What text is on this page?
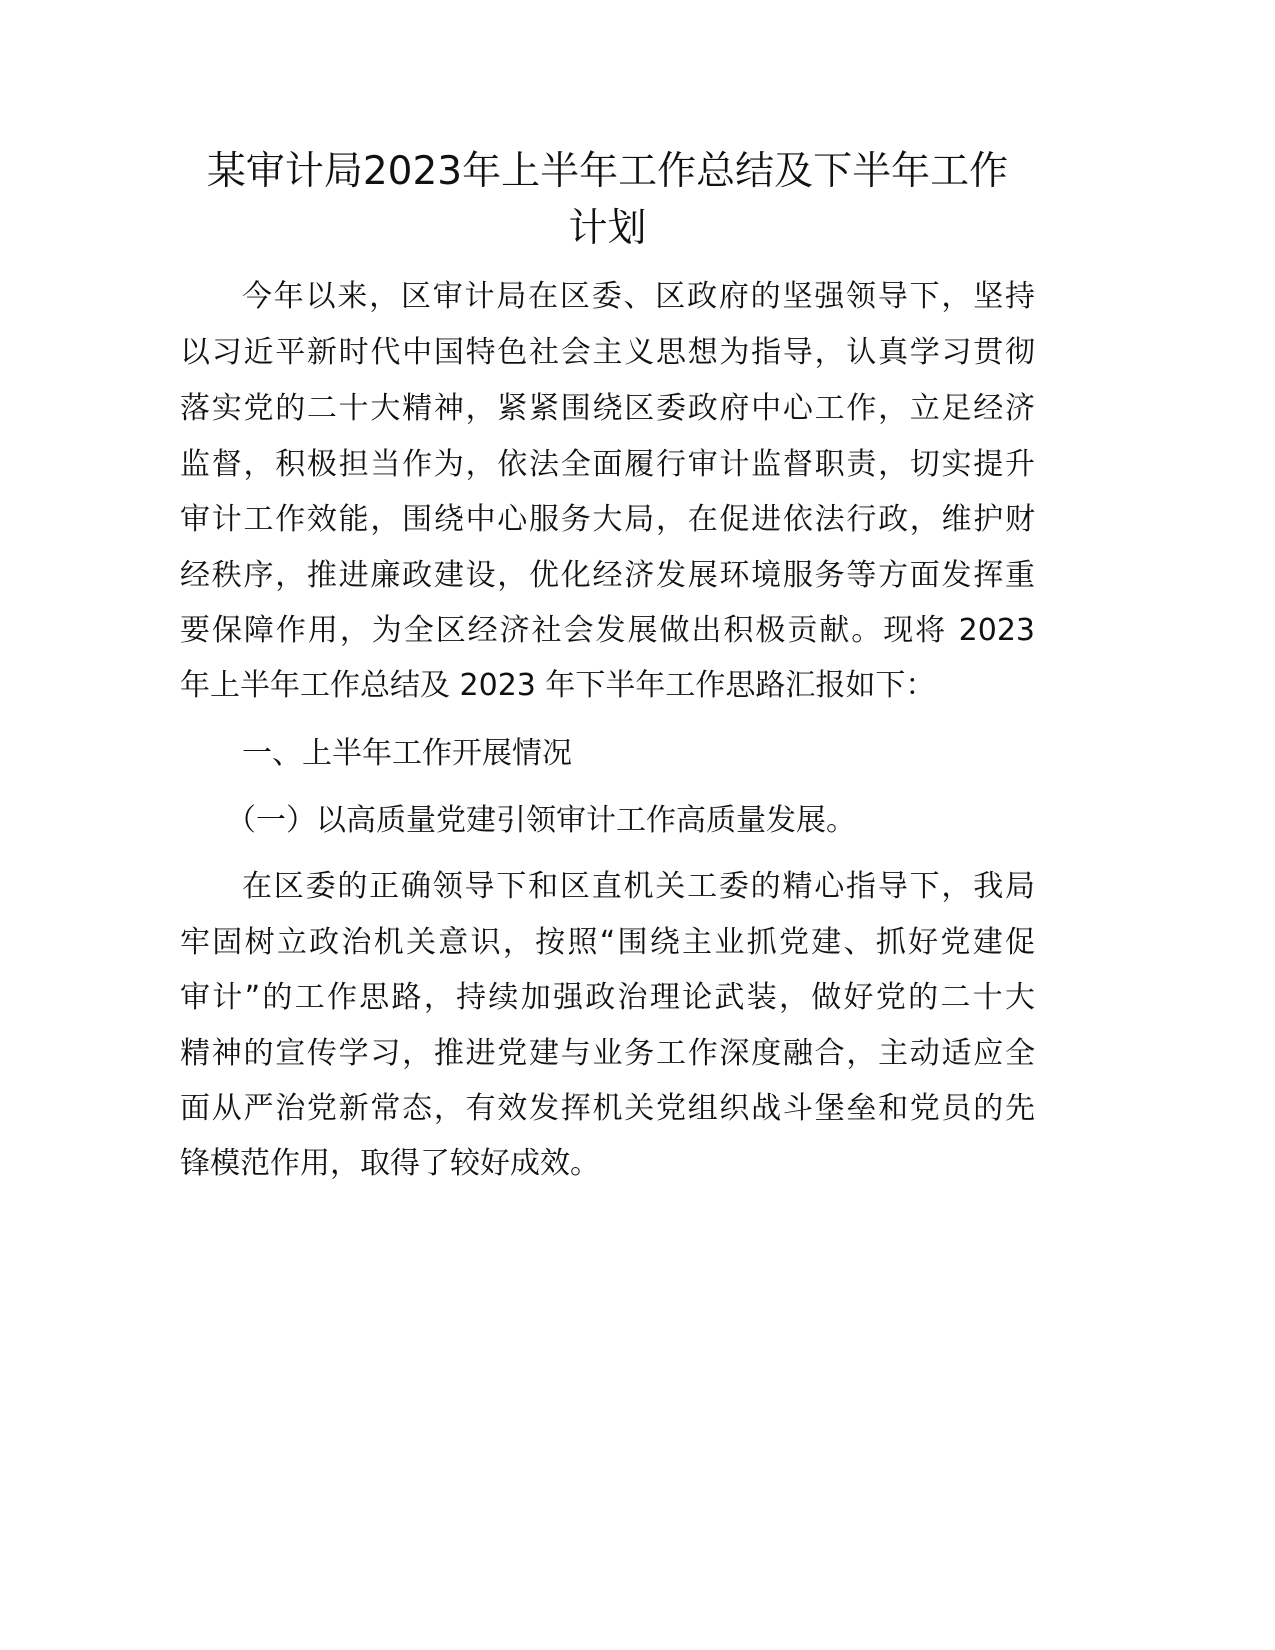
某审计局2023年上半年工作总结及下半年工作
计划
今年以来，区审计局在区委、区政府的坚强领导下，坚持
以习近平新时代中国特色社会主义思想为指导，认真学习贯彻
落实党的二十大精神，紧紧围绕区委政府中心工作，立足经济
监督，积极担当作为，依法全面履行审计监督职责，切实提升
审计工作效能，围绕中心服务大局，在促进依法行政，维护财
经秩序，推进廉政建设，优化经济发展环境服务等方面发挥重
要保障作用，为全区经济社会发展做出积极贡献。现将 2023
年上半年工作总结及 2023 年下半年工作思路汇报如下：
一、上半年工作开展情况
（一）以高质量党建引领审计工作高质量发展。
在区委的正确领导下和区直机关工委的精心指导下，我局
牢固树立政治机关意识，按照“围绕主业抓党建、抓好党建促
审计”的工作思路，持续加强政治理论武装，做好党的二十大
精神的宣传学习，推进党建与业务工作深度融合，主动适应全
面从严治党新常态，有效发挥机关党组织战斗堡垒和党员的先
锋模范作用，取得了较好成效。
